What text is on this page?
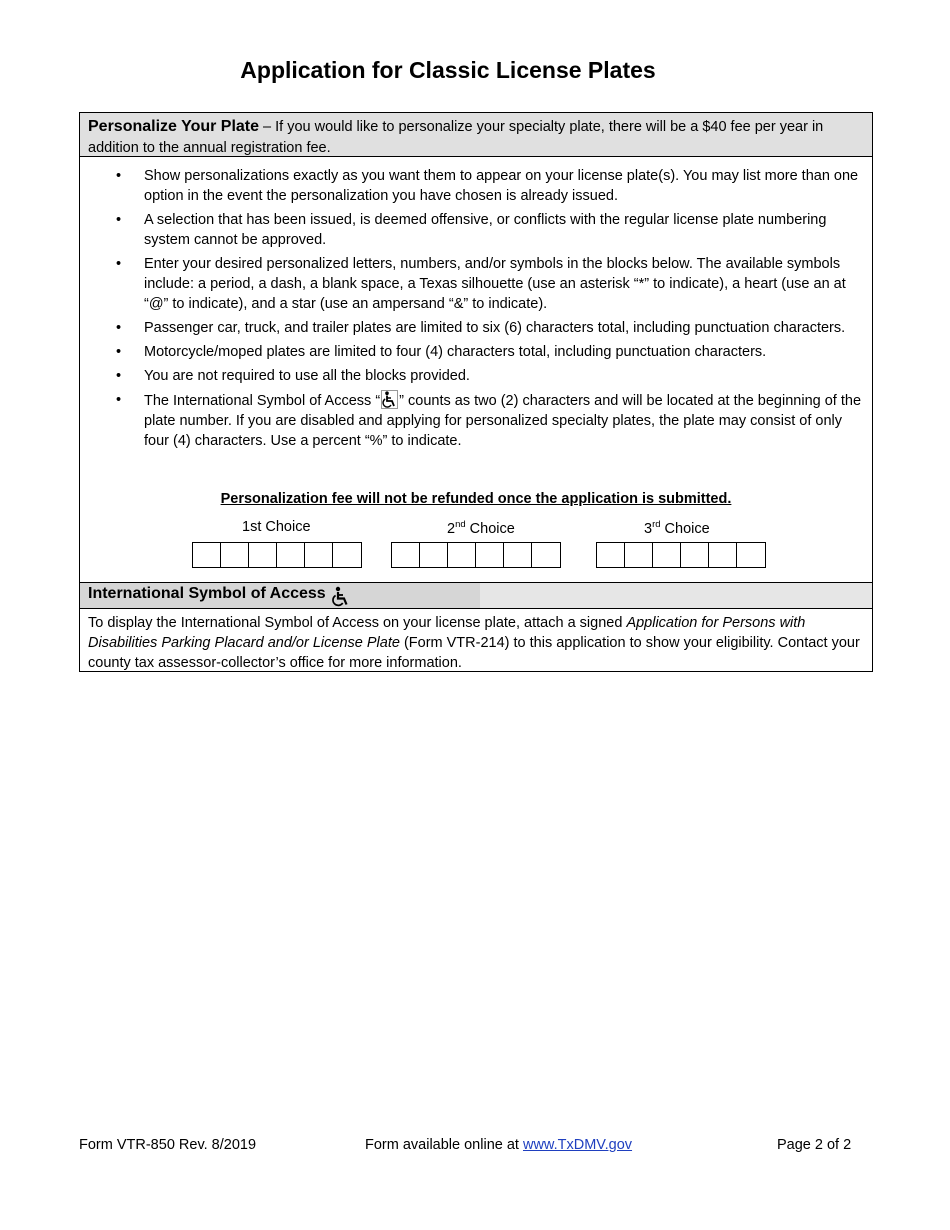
Application for Classic License Plates
Personalize Your Plate – If you would like to personalize your specialty plate, there will be a $40 fee per year in addition to the annual registration fee.
• Show personalizations exactly as you want them to appear on your license plate(s). You may list more than one option in the event the personalization you have chosen is already issued.
• A selection that has been issued, is deemed offensive, or conflicts with the regular license plate numbering system cannot be approved.
• Enter your desired personalized letters, numbers, and/or symbols in the blocks below. The available symbols include: a period, a dash, a blank space, a Texas silhouette (use an asterisk “*” to indicate), a heart (use an at “@” to indicate), and a star (use an ampersand “&” to indicate).
• Passenger car, truck, and trailer plates are limited to six (6) characters total, including punctuation characters.
• Motorcycle/moped plates are limited to four (4) characters total, including punctuation characters.
• You are not required to use all the blocks provided.
• The International Symbol of Access “ ” counts as two (2) characters and will be located at the beginning of the plate number. If you are disabled and applying for personalized specialty plates, the plate may consist of only four (4) characters. Use a percent “%” to indicate.
Personalization fee will not be refunded once the application is submitted.
1st Choice	2nd Choice	3rd Choice
International Symbol of Access
To display the International Symbol of Access on your license plate, attach a signed Application for Persons with Disabilities Parking Placard and/or License Plate (Form VTR-214) to this application to show your eligibility. Contact your county tax assessor-collector’s office for more information.
Form VTR-850 Rev. 8/2019	Form available online at www.TxDMV.gov	Page 2 of 2
